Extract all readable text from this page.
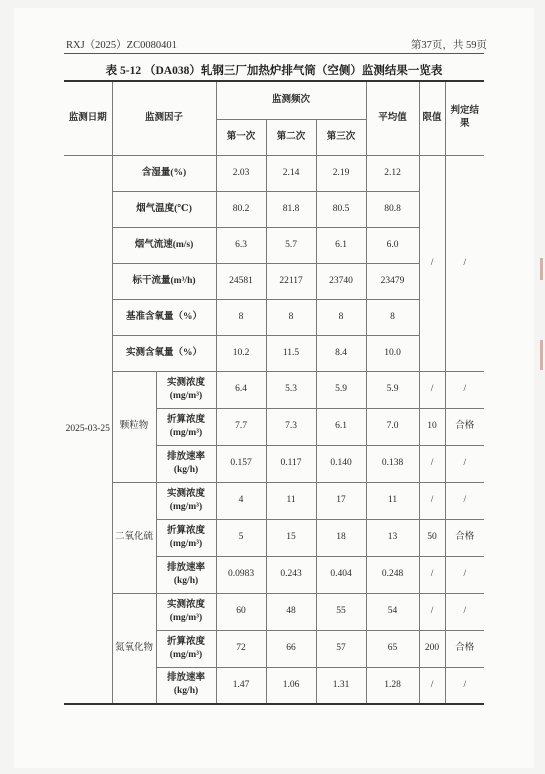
RXJ（2025）ZC0080401	第37页，共 59页
表 5-12 （DA038）轧钢三厂加热炉排气筒（空侧）监测结果一览表
监测日期	监测因子		监测频次			平均值	限值	判定结果
			第一次	第二次	第三次			
2025-03-25	含湿量(%)		2.03	2.14	2.19	2.12	/	/
	烟气温度(℃)		80.2	81.8	80.5	80.8		
	烟气流速(m/s)		6.3	5.7	6.1	6.0		
	标干流量(m³/h)		24581	22117	23740	23479		
	基准含氧量（%）		8	8	8	8		
	实测含氧量（%）		10.2	11.5	8.4	10.0		
	颗粒物	实测浓度
(mg/m³)	6.4	5.3	5.9	5.9	/	/
		折算浓度
(mg/m³)	7.7	7.3	6.1	7.0	10	合格
		排放速率
(kg/h)	0.157	0.117	0.140	0.138	/	/
	二氧化硫	实测浓度
(mg/m³)	4	11	17	11	/	/
		折算浓度
(mg/m³)	5	15	18	13	50	合格
		排放速率
(kg/h)	0.0983	0.243	0.404	0.248	/	/
	氮氧化物	实测浓度
(mg/m³)	60	48	55	54	/	/
		折算浓度
(mg/m³)	72	66	57	65	200	合格
		排放速率
(kg/h)	1.47	1.06	1.31	1.28	/	/
